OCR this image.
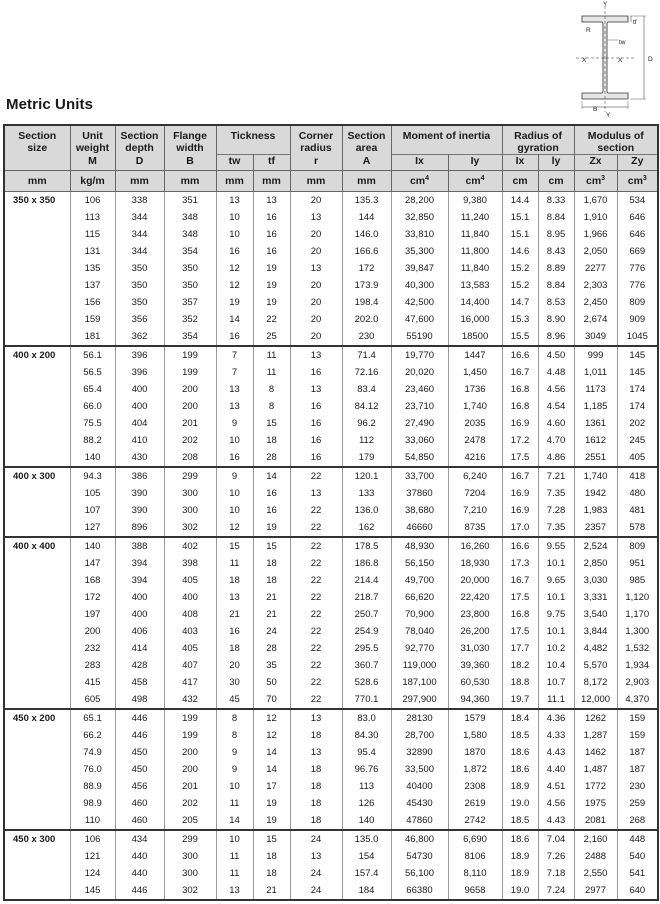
Metric Units
Y
Y
X	X
R
tw
tf
D
B
Section size	Unit weight	Section depth	Flange width	Tickness		Corner radius	Section area	Moment of inertia		Radius of gyration		Modulus of section	
	M	D	B	tw	tf	r	A	Ix	Iy	Ix	ly	Zx	Zy
mm	kg/m	mm	mm	mm	mm	mm	mm	$cm^4$	$cm^4$	cm	cm	$cm^3$	$cm^3$
350 x 350	106	338	351	13	13	20	135.3	28,200	9,380	14.4	8.33	1,670	534
	113	344	348	10	16	13	144	32,850	11,240	15.1	8.84	1,910	646
	115	344	348	10	16	20	146.0	33,810	11,840	15.1	8.95	1,966	646
	131	344	354	16	16	20	166.6	35,300	11,800	14.6	8.43	2,050	669
	135	350	350	12	19	13	172	39,847	11,840	15.2	8.89	2277	776
	137	350	350	12	19	20	173.9	40,300	13,583	15.2	8.84	2,303	776
	156	350	357	19	19	20	198.4	42,500	14,400	14.7	8.53	2,450	809
	159	356	352	14	22	20	202.0	47,600	16,000	15.3	8.90	2,674	909
	181	362	354	16	25	20	230	55190	18500	15.5	8.96	3049	1045
400 x 200	56.1	396	199	7	11	13	71.4	19,770	1447	16.6	4.50	999	145
	56.5	396	199	7	11	16	72.16	20,020	1,450	16.7	4.48	1,011	145
	65.4	400	200	13	8	13	83.4	23,460	1736	16.8	4.56	1173	174
	66.0	400	200	13	8	16	84.12	23,710	1,740	16.8	4.54	1,185	174
	75.5	404	201	9	15	16	96.2	27,490	2035	16.9	4.60	1361	202
	88.2	410	202	10	18	16	112	33,060	2478	17.2	4.70	1612	245
	140	430	208	16	28	16	179	54,850	4216	17.5	4.86	2551	405
400 x 300	94.3	386	299	9	14	22	120.1	33,700	6,240	16.7	7.21	1,740	418
	105	390	300	10	16	13	133	37860	7204	16.9	7.35	1942	480
	107	390	300	10	16	22	136.0	38,680	7,210	16.9	7.28	1,983	481
	127	896	302	12	19	22	162	46660	8735	17.0	7.35	2357	578
400 x 400	140	388	402	15	15	22	178.5	48,930	16,260	16.6	9.55	2,524	809
	147	394	398	11	18	22	186.8	56,150	18,930	17.3	10.1	2,850	951
	168	394	405	18	18	22	214.4	49,700	20,000	16.7	9.65	3,030	985
	172	400	400	13	21	22	218.7	66,620	22,420	17.5	10.1	3,331	1,120
	197	400	408	21	21	22	250.7	70,900	23,800	16.8	9.75	3,540	1,170
	200	406	403	16	24	22	254.9	78,040	26,200	17.5	10.1	3,844	1,300
	232	414	405	18	28	22	295.5	92,770	31,030	17.7	10.2	4,482	1,532
	283	428	407	20	35	22	360.7	119,000	39,360	18.2	10.4	5,570	1,934
	415	458	417	30	50	22	528.6	187,100	60,530	18.8	10.7	8,172	2,903
	605	498	432	45	70	22	770.1	297,900	94,360	19.7	11.1	12,000	4,370
450 x 200	65.1	446	199	8	12	13	83.0	28130	1579	18.4	4.36	1262	159
	66.2	446	199	8	12	18	84.30	28,700	1,580	18.5	4.33	1,287	159
	74.9	450	200	9	14	13	95.4	32890	1870	18.6	4.43	1462	187
	76.0	450	200	9	14	18	96.76	33,500	1,872	18.6	4.40	1,487	187
	88.9	456	201	10	17	18	113	40400	2308	18.9	4.51	1772	230
	98.9	460	202	11	19	18	126	45430	2619	19.0	4.56	1975	259
	110	460	205	14	19	18	140	47860	2742	18.5	4.43	2081	268
450 x 300	106	434	299	10	15	24	135.0	46,800	6,690	18.6	7.04	2,160	448
	121	440	300	11	18	13	154	54730	8106	18.9	7.26	2488	540
	124	440	300	11	18	24	157.4	56,100	8,110	18.9	7.18	2,550	541
	145	446	302	13	21	24	184	66380	9658	19.0	7.24	2977	640
